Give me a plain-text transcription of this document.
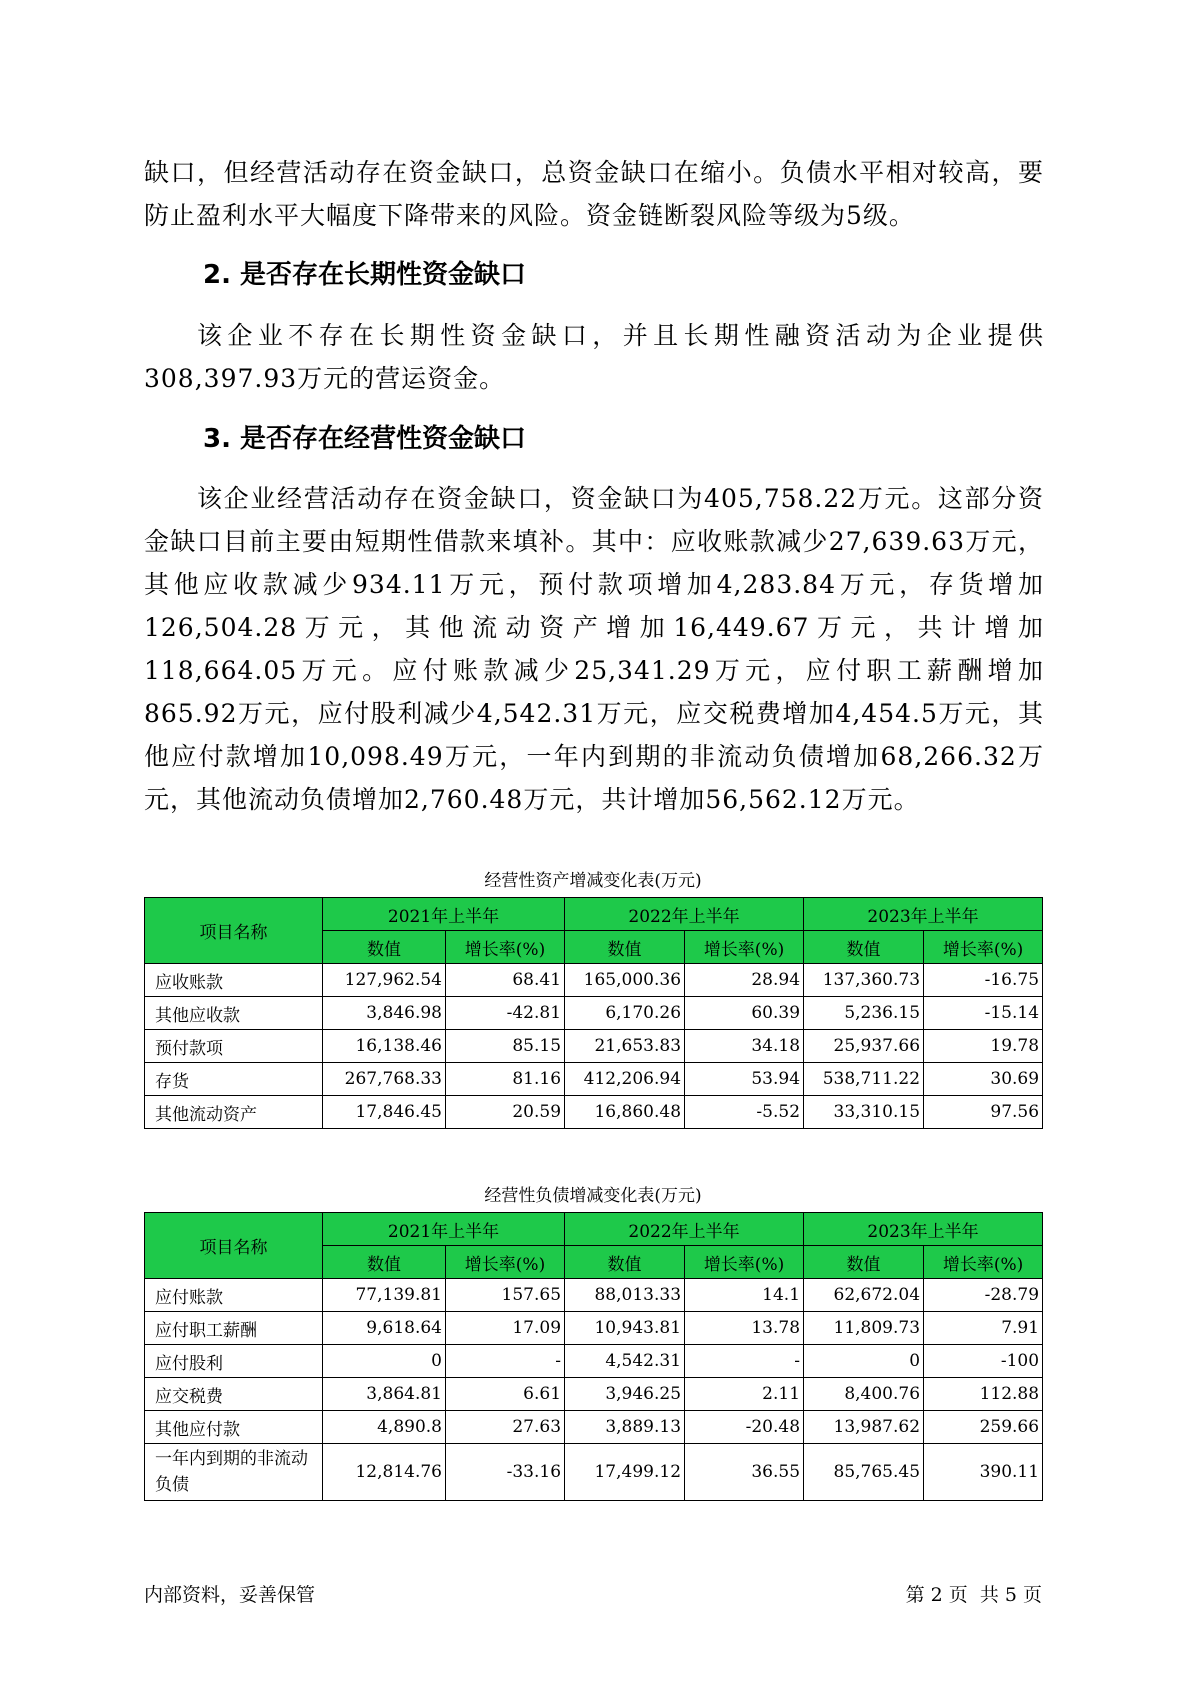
缺口，但经营活动存在资金缺口，总资金缺口在缩小。负债水平相对较高，要防止盈利水平大幅度下降带来的风险。资金链断裂风险等级为5级。

2. 是否存在长期性资金缺口

该企业不存在长期性资金缺口，并且长期性融资活动为企业提供308,397.93万元的营运资金。

3. 是否存在经营性资金缺口

该企业经营活动存在资金缺口，资金缺口为405,758.22万元。这部分资金缺口目前主要由短期性借款来填补。其中：应收账款减少27,639.63万元，其他应收款减少934.11万元，预付款项增加4,283.84万元，存货增加126,504.28万元，其他流动资产增加16,449.67万元，共计增加118,664.05万元。应付账款减少25,341.29万元，应付职工薪酬增加865.92万元，应付股利减少4,542.31万元，应交税费增加4,454.5万元，其他应付款增加10,098.49万元，一年内到期的非流动负债增加68,266.32万元，其他流动负债增加2,760.48万元，共计增加56,562.12万元。

经营性资产增减变化表(万元)
项目名称	2021年上半年		2022年上半年		2023年上半年	
	数值	增长率(%)	数值	增长率(%)	数值	增长率(%)
应收账款	127,962.54	68.41	165,000.36	28.94	137,360.73	-16.75
其他应收款	3,846.98	-42.81	6,170.26	60.39	5,236.15	-15.14
预付款项	16,138.46	85.15	21,653.83	34.18	25,937.66	19.78
存货	267,768.33	81.16	412,206.94	53.94	538,711.22	30.69
其他流动资产	17,846.45	20.59	16,860.48	-5.52	33,310.15	97.56
经营性负债增减变化表(万元)
项目名称	2021年上半年		2022年上半年		2023年上半年	
	数值	增长率(%)	数值	增长率(%)	数值	增长率(%)
应付账款	77,139.81	157.65	88,013.33	14.1	62,672.04	-28.79
应付职工薪酬	9,618.64	17.09	10,943.81	13.78	11,809.73	7.91
应付股利	0	-	4,542.31	-	0	-100
应交税费	3,864.81	6.61	3,946.25	2.11	8,400.76	112.88
其他应付款	4,890.8	27.63	3,889.13	-20.48	13,987.62	259.66
一年内到期的非流动负债	12,814.76	-33.16	17,499.12	36.55	85,765.45	390.11
内部资料，妥善保管	第 2 页  共 5 页
